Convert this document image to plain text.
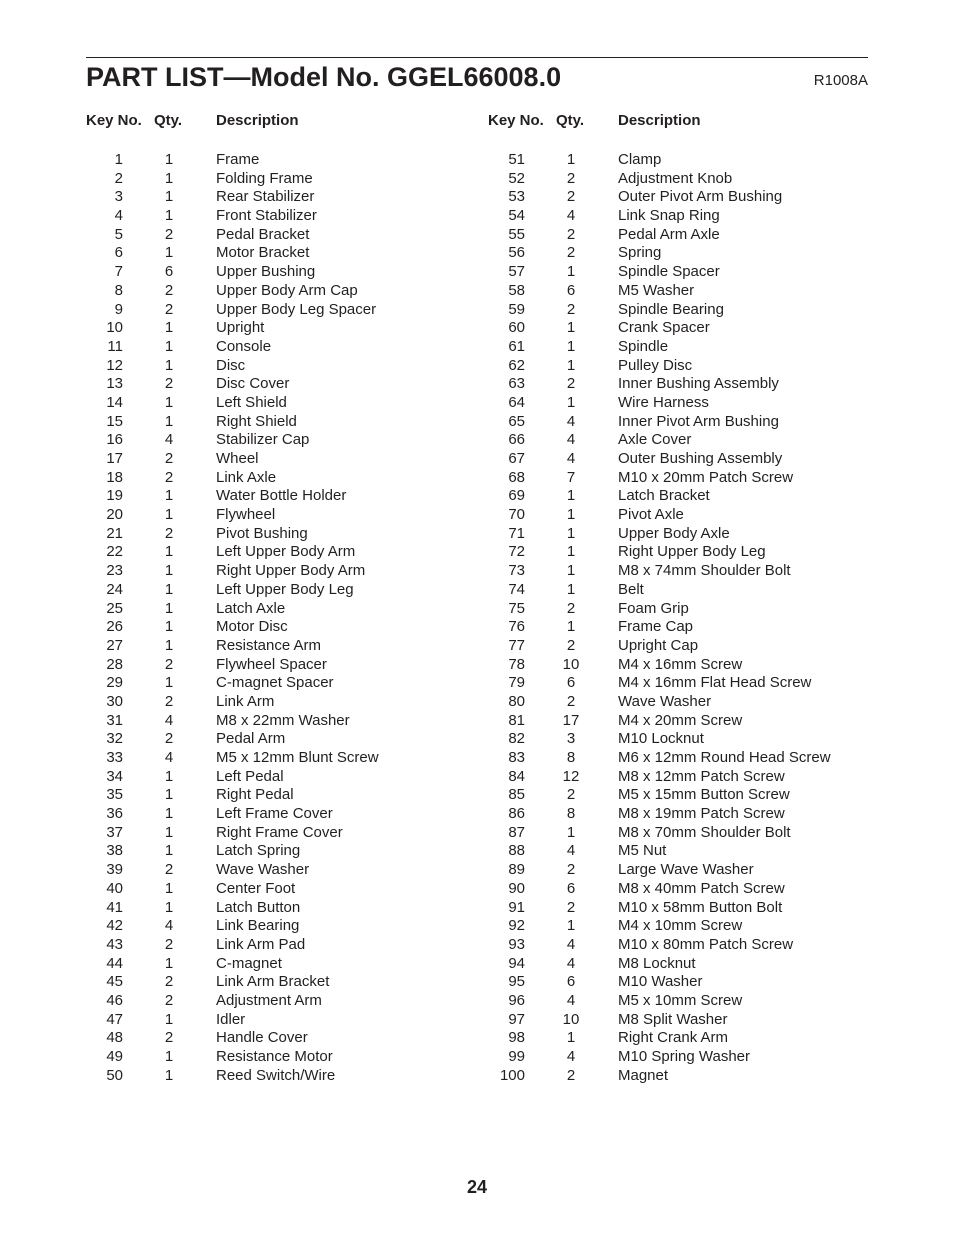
PART LIST—Model No. GGEL66008.0	R1008A
Key No. Qty. Description
1	1	Frame
2	1	Folding Frame
3	1	Rear Stabilizer
4	1	Front Stabilizer
5	2	Pedal Bracket
6	1	Motor Bracket
7	6	Upper Bushing
8	2	Upper Body Arm Cap
9	2	Upper Body Leg Spacer
10	1	Upright
11	1	Console
12	1	Disc
13	2	Disc Cover
14	1	Left Shield
15	1	Right Shield
16	4	Stabilizer Cap
17	2	Wheel
18	2	Link Axle
19	1	Water Bottle Holder
20	1	Flywheel
21	2	Pivot Bushing
22	1	Left Upper Body Arm
23	1	Right Upper Body Arm
24	1	Left Upper Body Leg
25	1	Latch Axle
26	1	Motor Disc
27	1	Resistance Arm
28	2	Flywheel Spacer
29	1	C-magnet Spacer
30	2	Link Arm
31	4	M8 x 22mm Washer
32	2	Pedal Arm
33	4	M5 x 12mm Blunt Screw
34	1	Left Pedal
35	1	Right Pedal
36	1	Left Frame Cover
37	1	Right Frame Cover
38	1	Latch Spring
39	2	Wave Washer
40	1	Center Foot
41	1	Latch Button
42	4	Link Bearing
43	2	Link Arm Pad
44	1	C-magnet
45	2	Link Arm Bracket
46	2	Adjustment Arm
47	1	Idler
48	2	Handle Cover
49	1	Resistance Motor
50	1	Reed Switch/Wire
Key No. Qty. Description
51	1	Clamp
52	2	Adjustment Knob
53	2	Outer Pivot Arm Bushing
54	4	Link Snap Ring
55	2	Pedal Arm Axle
56	2	Spring
57	1	Spindle Spacer
58	6	M5 Washer
59	2	Spindle Bearing
60	1	Crank Spacer
61	1	Spindle
62	1	Pulley Disc
63	2	Inner Bushing Assembly
64	1	Wire Harness
65	4	Inner Pivot Arm Bushing
66	4	Axle Cover
67	4	Outer Bushing Assembly
68	7	M10 x 20mm Patch Screw
69	1	Latch Bracket
70	1	Pivot Axle
71	1	Upper Body Axle
72	1	Right Upper Body Leg
73	1	M8 x 74mm Shoulder Bolt
74	1	Belt
75	2	Foam Grip
76	1	Frame Cap
77	2	Upright Cap
78	10	M4 x 16mm Screw
79	6	M4 x 16mm Flat Head Screw
80	2	Wave Washer
81	17	M4 x 20mm Screw
82	3	M10 Locknut
83	8	M6 x 12mm Round Head Screw
84	12	M8 x 12mm Patch Screw
85	2	M5 x 15mm Button Screw
86	8	M8 x 19mm Patch Screw
87	1	M8 x 70mm Shoulder Bolt
88	4	M5 Nut
89	2	Large Wave Washer
90	6	M8 x 40mm Patch Screw
91	2	M10 x 58mm Button Bolt
92	1	M4 x 10mm Screw
93	4	M10 x 80mm Patch Screw
94	4	M8 Locknut
95	6	M10 Washer
96	4	M5 x 10mm Screw
97	10	M8 Split Washer
98	1	Right Crank Arm
99	4	M10 Spring Washer
100	2	Magnet
24
